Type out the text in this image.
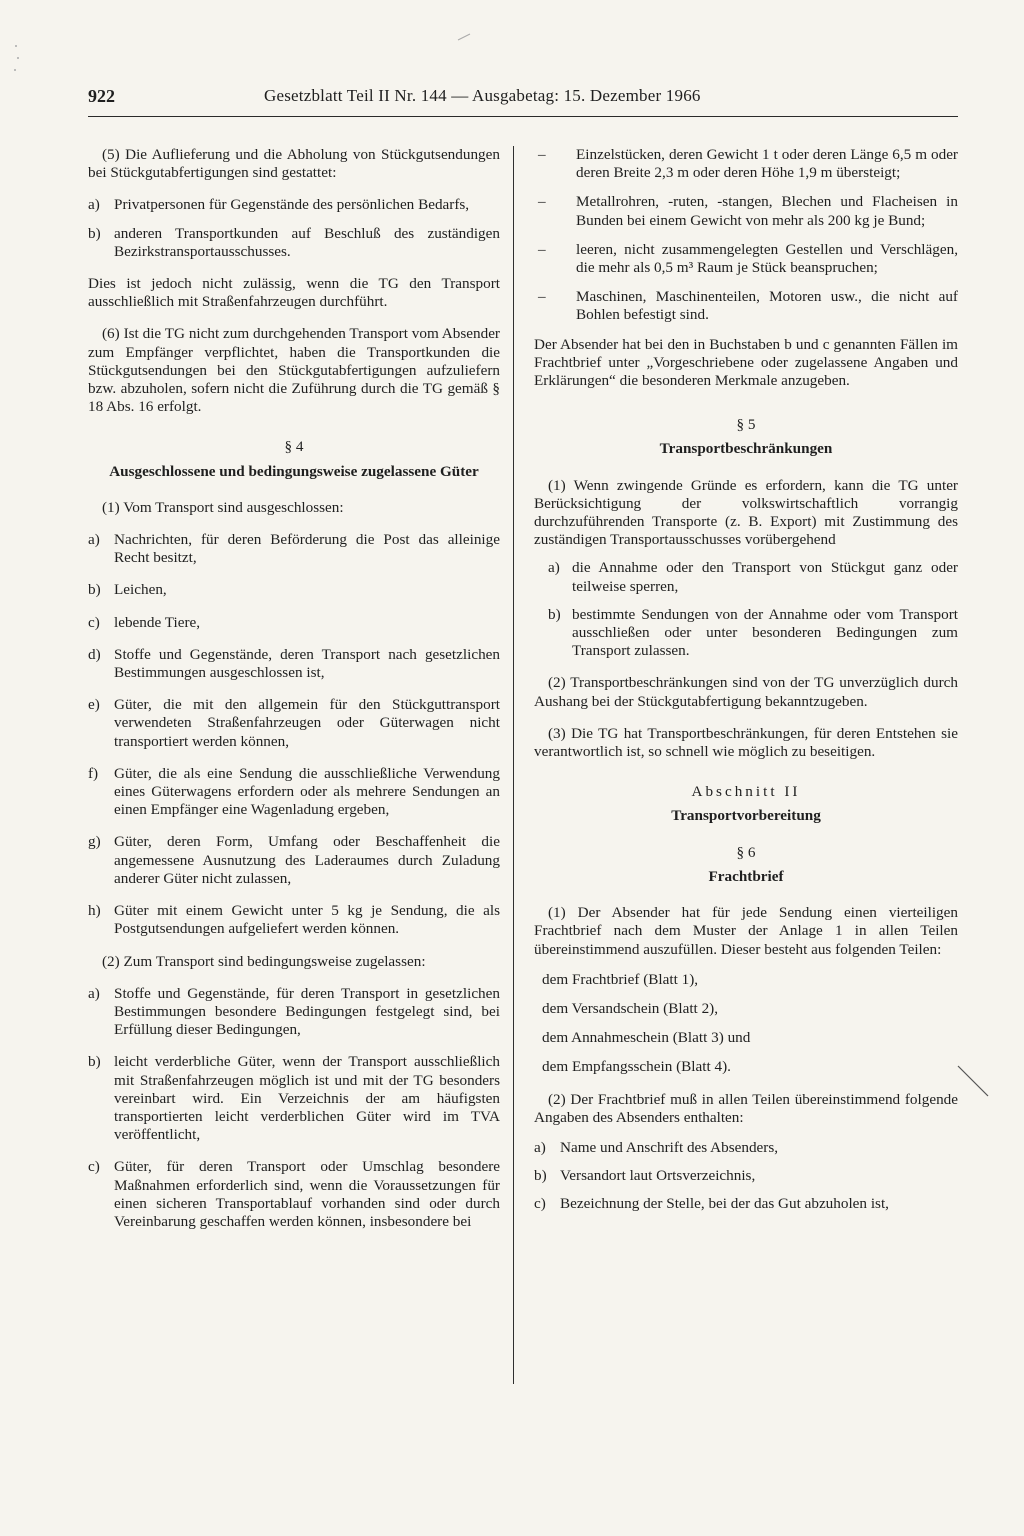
922	Gesetzblatt Teil II Nr. 144 — Ausgabetag: 15. Dezember 1966

(5) Die Auflieferung und die Abholung von Stückgutsendungen bei Stückgutabfertigungen sind gestattet:

a) Privatpersonen für Gegenstände des persönlichen Bedarfs,
b) anderen Transportkunden auf Beschluß des zuständigen Bezirkstransportausschusses.

Dies ist jedoch nicht zulässig, wenn die TG den Transport ausschließlich mit Straßenfahrzeugen durchführt.

(6) Ist die TG nicht zum durchgehenden Transport vom Absender zum Empfänger verpflichtet, haben die Transportkunden die Stückgutsendungen bei den Stückgutabfertigungen aufzuliefern bzw. abzuholen, sofern nicht die Zuführung durch die TG gemäß § 18 Abs. 16 erfolgt.

§ 4

Ausgeschlossene und bedingungsweise zugelassene Güter

(1) Vom Transport sind ausgeschlossen:

a) Nachrichten, für deren Beförderung die Post das alleinige Recht besitzt,
b) Leichen,
c) lebende Tiere,
d) Stoffe und Gegenstände, deren Transport nach gesetzlichen Bestimmungen ausgeschlossen ist,
e) Güter, die mit den allgemein für den Stückguttransport verwendeten Straßenfahrzeugen oder Güterwagen nicht transportiert werden können,
f)	Güter, die als eine Sendung die ausschließliche Verwendung eines Güterwagens erfordern oder als mehrere Sendungen an einen Empfänger eine Wagenladung ergeben,
g) Güter, deren Form, Umfang oder Beschaffenheit die angemessene Ausnutzung des Laderaumes durch Zuladung anderer Güter nicht zulassen,
h) Güter mit einem Gewicht unter 5 kg je Sendung, die als Postgutsendungen aufgeliefert werden können.

(2) Zum Transport sind bedingungsweise zugelassen:

a) Stoffe und Gegenstände, für deren Transport in gesetzlichen Bestimmungen besondere Bedingungen festgelegt sind, bei Erfüllung dieser Bedingungen,
b) leicht verderbliche Güter, wenn der Transport ausschließlich mit Straßenfahrzeugen möglich ist und mit der TG besonders vereinbart wird. Ein Verzeichnis der am häufigsten transportierten leicht verderblichen Güter wird im TVA veröffentlicht,
c) Güter, für deren Transport oder Umschlag besondere Maßnahmen erforderlich sind, wenn die Voraussetzungen für einen sicheren Transportablauf vorhanden sind oder durch Vereinbarung geschaffen werden können, insbesondere bei
–	Einzelstücken, deren Gewicht 1 t oder deren Länge 6,5 m oder deren Breite 2,3 m oder deren Höhe 1,9 m übersteigt;
–	Metallrohren, -ruten, -stangen, Blechen und Flacheisen in Bunden bei einem Gewicht von mehr als 200 kg je Bund;
–	leeren, nicht zusammengelegten Gestellen und Verschlägen, die mehr als 0,5 m³ Raum je Stück beanspruchen;
–	Maschinen, Maschinenteilen, Motoren usw., die nicht auf Bohlen befestigt sind.

Der Absender hat bei den in Buchstaben b und c genannten Fällen im Frachtbrief unter „Vorgeschriebene oder zugelassene Angaben und Erklärungen“ die besonderen Merkmale anzugeben.

§ 5

Transportbeschränkungen

(1) Wenn zwingende Gründe es erfordern, kann die TG unter Berücksichtigung der volkswirtschaftlich vorrangig durchzuführenden Transporte (z. B. Export) mit Zustimmung des zuständigen Transportausschusses vorübergehend

a) die Annahme oder den Transport von Stückgut ganz oder teilweise sperren,
b) bestimmte Sendungen von der Annahme oder vom Transport ausschließen oder unter besonderen Bedingungen zum Transport zulassen.

(2) Transportbeschränkungen sind von der TG unverzüglich durch Aushang bei der Stückgutabfertigung bekanntzugeben.

(3) Die TG hat Transportbeschränkungen, für deren Entstehen sie verantwortlich ist, so schnell wie möglich zu beseitigen.

Abschnitt II

Transportvorbereitung

§ 6

Frachtbrief

(1) Der Absender hat für jede Sendung einen vierteiligen Frachtbrief nach dem Muster der Anlage 1 in allen Teilen übereinstimmend auszufüllen. Dieser besteht aus folgenden Teilen:

dem Frachtbrief (Blatt 1),

dem Versandschein (Blatt 2),

dem Annahmeschein (Blatt 3) und

dem Empfangsschein (Blatt 4).

(2) Der Frachtbrief muß in allen Teilen übereinstimmend folgende Angaben des Absenders enthalten:

a) Name und Anschrift des Absenders,
b) Versandort laut Ortsverzeichnis,
c) Bezeichnung der Stelle, bei der das Gut abzuholen ist,
